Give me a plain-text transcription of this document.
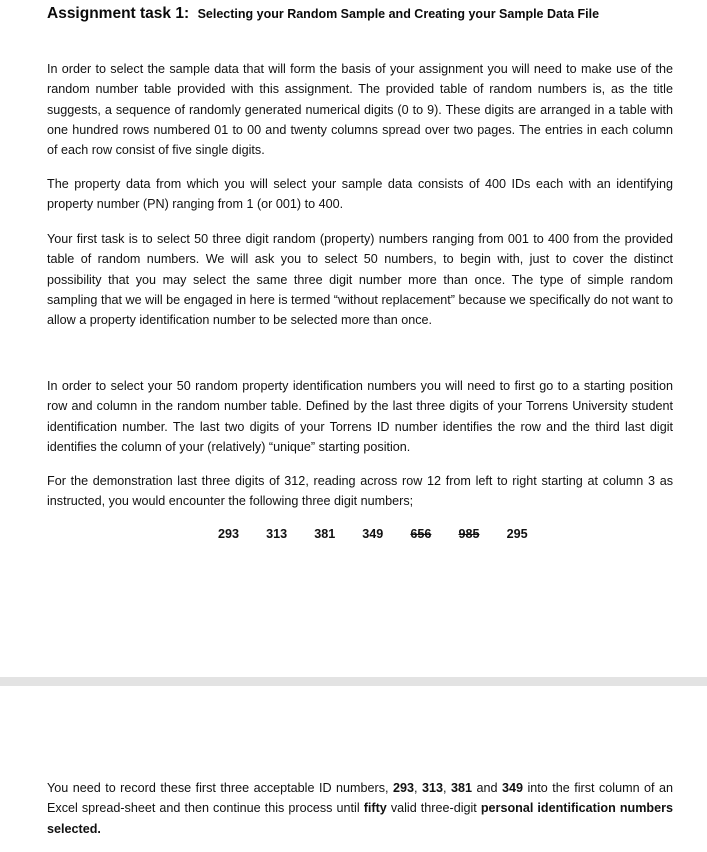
Assignment task 1: Selecting your Random Sample and Creating your Sample Data File

In order to select the sample data that will form the basis of your assignment you will need to make use of the random number table provided with this assignment. The provided table of random numbers is, as the title suggests, a sequence of randomly generated numerical digits (0 to 9). These digits are arranged in a table with one hundred rows numbered 01 to 00 and twenty columns spread over two pages. The entries in each column of each row consist of five single digits.

The property data from which you will select your sample data consists of 400 IDs each with an identifying property number (PN) ranging from 1 (or 001) to 400.

Your first task is to select 50 three digit random (property) numbers ranging from 001 to 400 from the provided table of random numbers. We will ask you to select 50 numbers, to begin with, just to cover the distinct possibility that you may select the same three digit number more than once. The type of simple random sampling that we will be engaged in here is termed “without replacement” because we specifically do not want to allow a property identification number to be selected more than once.

In order to select your 50 random property identification numbers you will need to first go to a starting position row and column in the random number table. Defined by the last three digits of your Torrens University student identification number. The last two digits of your Torrens ID number identifies the row and the third last digit identifies the column of your (relatively) “unique” starting position.

For the demonstration last three digits of 312, reading across row 12 from left to right starting at column 3 as instructed, you would encounter the following three digit numbers;

293 313 381 349 656 985 295

You need to record these first three acceptable ID numbers, 293, 313, 381 and 349 into the first column of an Excel spread-sheet and then continue this process until fifty valid three-digit personal identification numbers selected.
